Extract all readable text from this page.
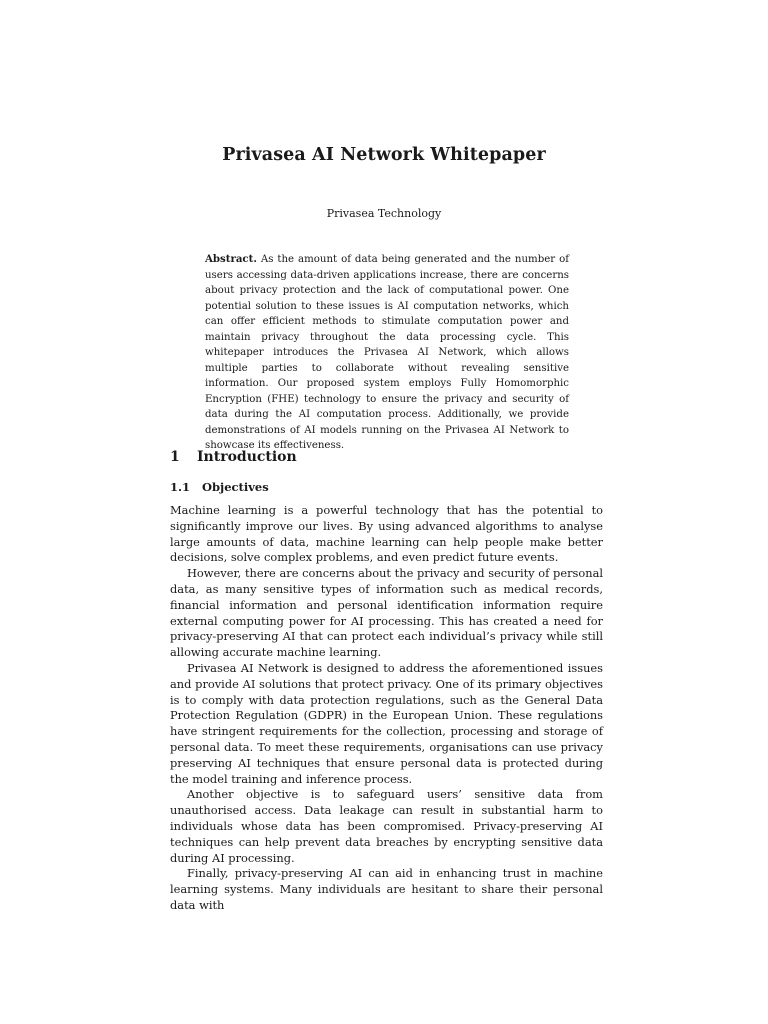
Privasea AI Network Whitepaper
Privasea Technology

Abstract. As the amount of data being generated and the number of users accessing data-driven applications increase, there are concerns about privacy protection and the lack of computational power. One potential solution to these issues is AI computation networks, which can offer efficient methods to stimulate computation power and maintain privacy throughout the data processing cycle. This whitepaper introduces the Privasea AI Network, which allows multiple parties to collaborate without revealing sensitive information. Our proposed system employs Fully Homomorphic Encryption (FHE) technology to ensure the privacy and security of data during the AI computation process. Additionally, we provide demonstrations of AI models running on the Privasea AI Network to showcase its effectiveness.

1 Introduction
1.1 Objectives

Machine learning is a powerful technology that has the potential to significantly improve our lives. By using advanced algorithms to analyse large amounts of data, machine learning can help people make better decisions, solve complex problems, and even predict future events.

However, there are concerns about the privacy and security of personal data, as many sensitive types of information such as medical records, financial information and personal identification information require external computing power for AI processing. This has created a need for privacy-preserving AI that can protect each individual’s privacy while still allowing accurate machine learning.

Privasea AI Network is designed to address the aforementioned issues and provide AI solutions that protect privacy. One of its primary objectives is to comply with data protection regulations, such as the General Data Protection Regulation (GDPR) in the European Union. These regulations have stringent requirements for the collection, processing and storage of personal data. To meet these requirements, organisations can use privacy preserving AI techniques that ensure personal data is protected during the model training and inference process.

Another objective is to safeguard users’ sensitive data from unauthorised access. Data leakage can result in substantial harm to individuals whose data has been compromised. Privacy-preserving AI techniques can help prevent data breaches by encrypting sensitive data during AI processing.

Finally, privacy-preserving AI can aid in enhancing trust in machine learning systems. Many individuals are hesitant to share their personal data with
